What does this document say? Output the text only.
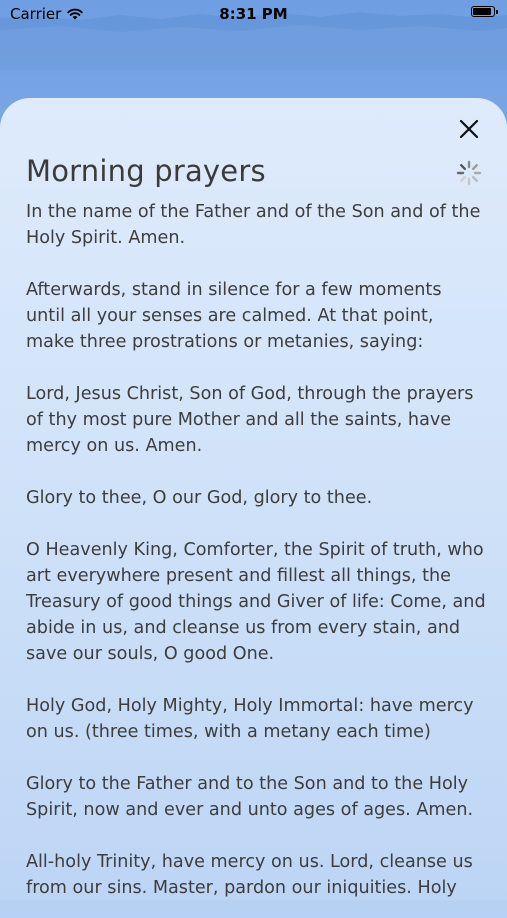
Carrier	8:31 PM
Morning prayers

In the name of the Father and of the Son and of the Holy Spirit. Amen.

Afterwards, stand in silence for a few moments until all your senses are calmed. At that point, make three prostrations or metanies, saying:

Lord, Jesus Christ, Son of God, through the prayers of thy most pure Mother and all the saints, have mercy on us. Amen.

Glory to thee, O our God, glory to thee.

O Heavenly King, Comforter, the Spirit of truth, who art everywhere present and fillest all things, the Treasury of good things and Giver of life: Come, and abide in us, and cleanse us from every stain, and save our souls, O good One.

Holy God, Holy Mighty, Holy Immortal: have mercy on us. (three times, with a metany each time)

Glory to the Father and to the Son and to the Holy Spirit, now and ever and unto ages of ages. Amen.

All-holy Trinity, have mercy on us. Lord, cleanse us from our sins. Master, pardon our iniquities. Holy
